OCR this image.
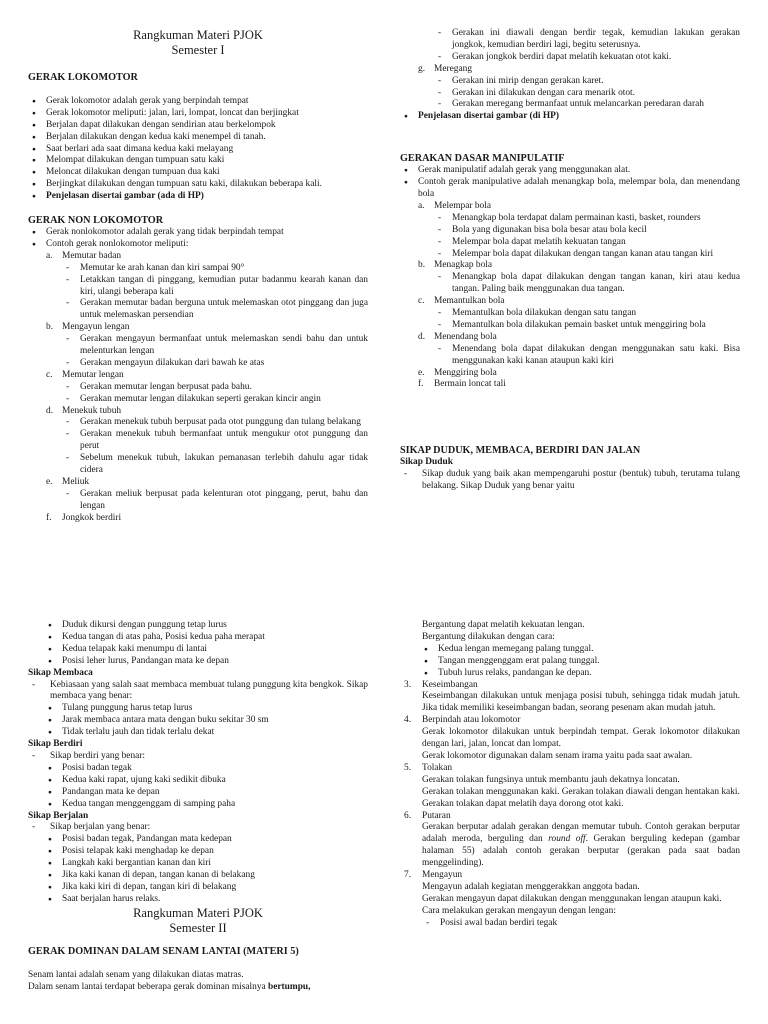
Rangkuman Materi PJOK
Semester I

GERAK LOKOMOTOR

● Gerak lokomotor adalah gerak yang berpindah tempat

● Gerak lokomotor meliputi: jalan, lari, lompat, loncat dan berjingkat

● Berjalan dapat dilakukan dengan sendirian atau berkelompok

● Berjalan dilakukan dengan kedua kaki menempel di tanah.

● Saat berlari ada saat dimana kedua kaki melayang

● Melompat dilakukan dengan tumpuan satu kaki

● Meloncat dilakukan dengan tumpuan dua kaki

● Berjingkat dilakukan dengan tumpuan satu kaki, dilakukan beberapa kali.

● Penjelasan disertai gambar (ada di HP)

GERAK NON LOKOMOTOR

● Gerak nonlokomotor adalah gerak yang tidak berpindah tempat

● Contoh gerak nonlokomotor meliputi:

a. Memutar badan

- Memutar ke arah kanan dan kiri sampai 90°

- Letakkan tangan di pinggang, kemudian putar badanmu kearah kanan dan kiri, ulangi beberapa kali

- Gerakan memutar badan berguna untuk melemaskan otot pinggang dan juga untuk melemaskan persendian

b. Mengayun lengan

- Gerakan mengayun bermanfaat untuk melemaskan sendi bahu dan untuk melenturkan lengan

- Gerakan mengayun dilakukan dari bawah ke atas

c. Memutar lengan

- Gerakan memutar lengan berpusat pada bahu.

- Gerakan memutar lengan dilakukan seperti gerakan kincir angin

d. Menekuk tubuh

- Gerakan menekuk tubuh berpusat pada otot punggung dan tulang belakang

- Gerakan menekuk tubuh bermanfaat untuk mengukur otot punggung dan perut

- Sebelum menekuk tubuh, lakukan pemanasan terlebih dahulu agar tidak cidera

e. Meliuk

- Gerakan meliuk berpusat pada kelenturan otot pinggang, perut, bahu dan lengan

f. Jongkok berdiri

- Gerakan ini diawali dengan berdir tegak, kemudian lakukan gerakan jongkok, kemudian berdiri lagi, begitu seterusnya.

- Gerakan jongkok berdiri dapat melatih kekuatan otot kaki.

g. Meregang

- Gerakan ini mirip dengan gerakan karet.

- Gerakan ini dilakukan dengan cara menarik otot.

- Gerakan meregang bermanfaat untuk melancarkan peredaran darah

● Penjelasan disertai gambar (di HP)

GERAKAN DASAR MANIPULATIF

● Gerak manipulatif adalah gerak yang menggunakan alat.

● Contoh gerak manipulative adalah menangkap bola, melempar bola, dan menendang bola

a. Melempar bola

- Menangkap bola terdapat dalam permainan kasti, basket, rounders

- Bola yang digunakan bisa bola besar atau bola kecil

- Melempar bola dapat melatih kekuatan tangan

- Melempar bola dapat dilakukan dengan tangan kanan atau tangan kiri

b. Menagkap bola

- Menangkap bola dapat dilakukan dengan tangan kanan, kiri atau kedua tangan. Paling baik menggunakan dua tangan.

c. Memantulkan bola

- Memantulkan bola dilakukan dengan satu tangan

- Memantulkan bola dilakukan pemain basket untuk menggiring bola

d. Menendang bola

- Menendang bola dapat dilakukan dengan menggunakan satu kaki. Bisa menggunakan kaki kanan ataupun kaki kiri

e. Menggiring bola

f. Bermain loncat tali

SIKAP DUDUK, MEMBACA, BERDIRI DAN JALAN

Sikap Duduk

- Sikap duduk yang baik akan mempengaruhi postur (bentuk) tubuh, terutama tulang belakang. Sikap Duduk yang benar yaitu

● Duduk dikursi dengan punggung tetap lurus

● Kedua tangan di atas paha, Posisi kedua paha merapat

● Kedua telapak kaki menumpu di lantai

● Posisi leher lurus, Pandangan mata ke depan

Sikap Membaca

- Kebiasaan yang salah saat membaca membuat tulang punggung kita bengkok. Sikap membaca yang benar:

● Tulang punggung harus tetap lurus

● Jarak membaca antara mata dengan buku sekitar 30 sm

● Tidak terlalu jauh dan tidak terlalu dekat

Sikap Berdiri

- Sikap berdiri yang benar:

● Posisi badan tegak

● Kedua kaki rapat, ujung kaki sedikit dibuka

● Pandangan mata ke depan

● Kedua tangan menggenggam di samping paha

Sikap Berjalan

- Sikap berjalan yang benar:

● Posisi badan tegak, Pandangan mata kedepan

● Posisi telapak kaki menghadap ke depan

● Langkah kaki bergantian kanan dan kiri

● Jika kaki kanan di depan, tangan kanan di belakang

● Jika kaki kiri di depan, tangan kiri di belakang

● Saat berjalan harus relaks.

Rangkuman Materi PJOK
Semester II

GERAK DOMINAN DALAM SENAM LANTAI (MATERI 5)

Senam lantai adalah senam yang dilakukan diatas matras.

Dalam senam lantai terdapat beberapa gerak dominan misalnya bertumpu,

Bergantung dapat melatih kekuatan lengan.

Bergantung dilakukan dengan cara:

● Kedua lengan memegang palang tunggal.

● Tangan menggenggam erat palang tunggal.

● Tubuh lurus relaks, pandangan ke depan.

3. Keseimbangan

Keseimbangan dilakukan untuk menjaga posisi tubuh, sehingga tidak mudah jatuh. Jika tidak memiliki keseimbangan badan, seorang pesenam akan mudah jatuh.

4. Berpindah atau lokomotor

Gerak lokomotor dilakukan untuk berpindah tempat. Gerak lokomotor dilakukan dengan lari, jalan, loncat dan lompat.

Gerak lokomotor digunakan dalam senam irama yaitu pada saat awalan.

5. Tolakan

Gerakan tolakan fungsinya untuk membantu jauh dekatnya loncatan.

Gerakan tolakan menggunakan kaki. Gerakan tolakan diawali dengan hentakan kaki.

Gerakan tolakan dapat melatih daya dorong otot kaki.

6. Putaran

Gerakan berputar adalah gerakan dengan memutar tubuh. Contoh gerakan berputar adalah meroda, berguling dan round off. Gerakan berguling kedepan (gambar halaman 55) adalah contoh gerakan berputar (gerakan pada saat badan menggelinding).

7. Mengayun

Mengayun adalah kegiatan menggerakkan anggota badan.

Gerakan mengayun dapat dilakukan dengan menggunakan lengan ataupun kaki.

Cara melakukan gerakan mengayun dengan lengan:

- Posisi awal badan berdiri tegak
